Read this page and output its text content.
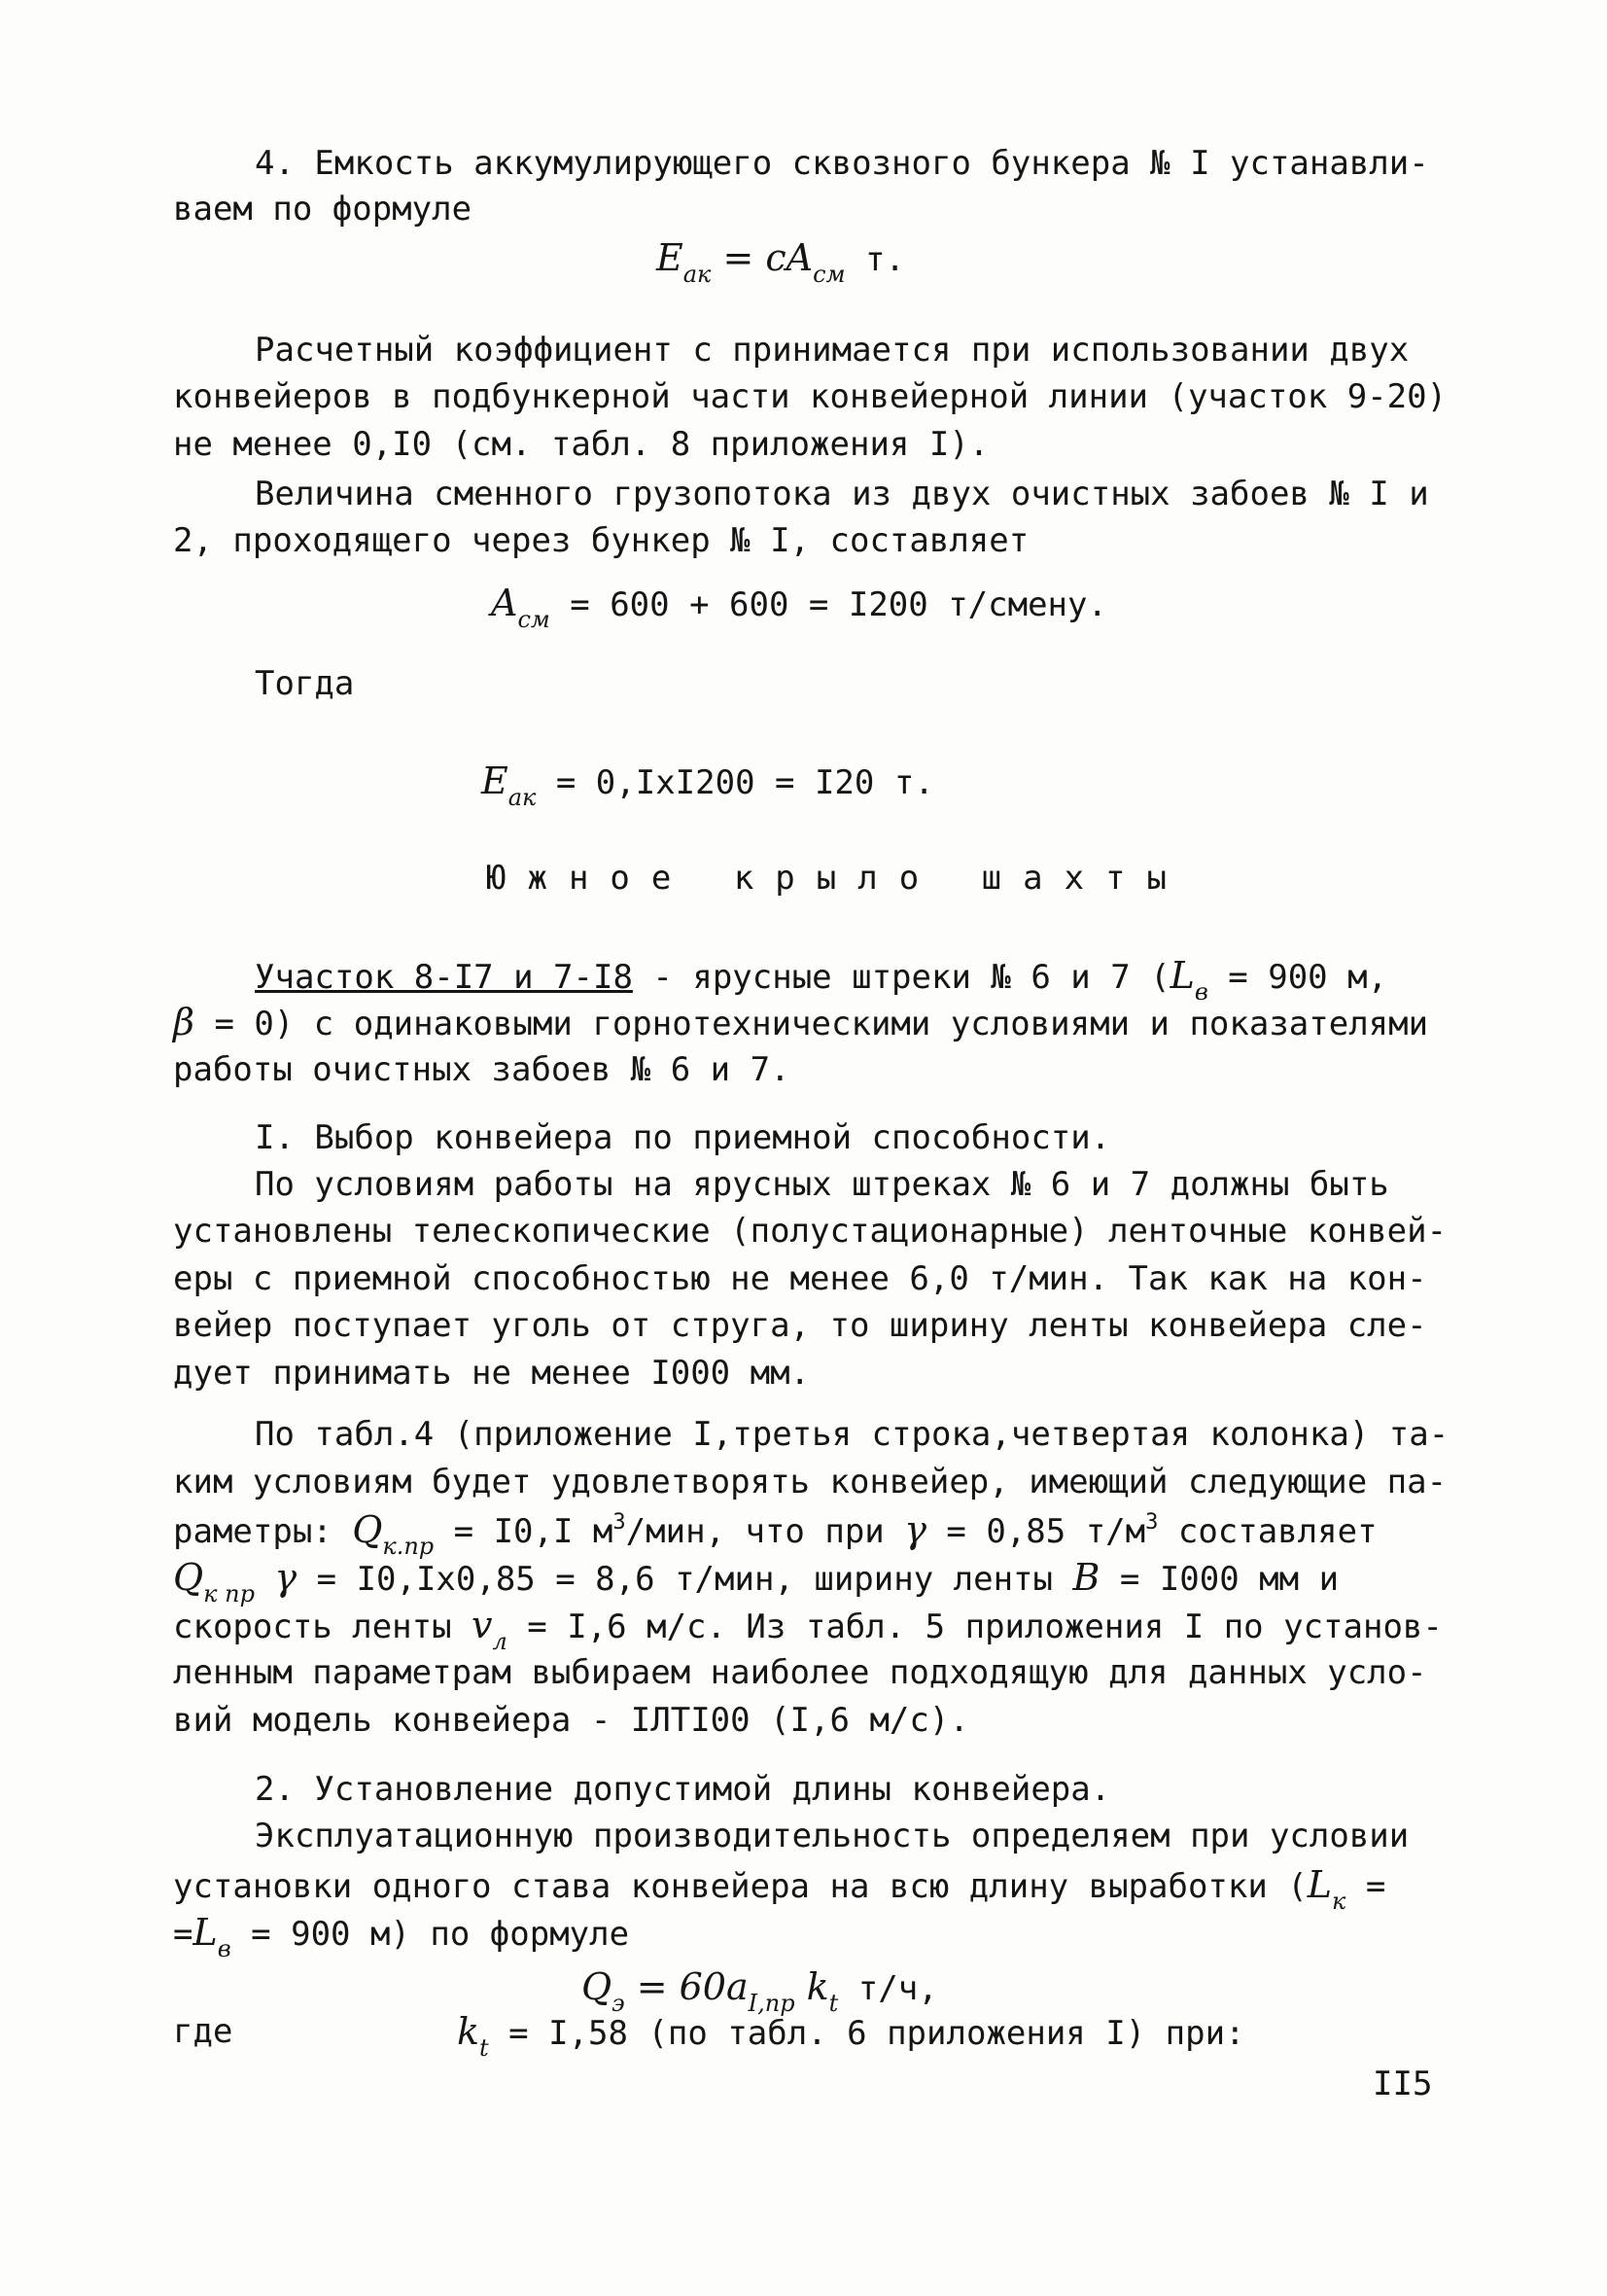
4. Емкость аккумулирующего сквозного бункера № I устанавли-
ваем по формуле
$E_{ак} = cA_{см}$ т.
Расчетный коэффициент c принимается при использовании двух
конвейеров в подбункерной части конвейерной линии (участок 9-20)
не менее 0,I0 (см. табл. 8 приложения I).
Величина сменного грузопотока из двух очистных забоев № I и
2, проходящего через бункер № I, составляет
$A_{см} = 600 + 600 = I200$ т/смену.
Тогда
$E_{ак} = 0,IxI200 = I20$ т.
Южное крыло шахты
Участок 8-I7 и 7-I8 - ярусные штреки № 6 и 7 ($L_в = 900$ м,
β = 0) с одинаковыми горнотехническими условиями и показателями
работы очистных забоев № 6 и 7.
I. Выбор конвейера по приемной способности.
По условиям работы на ярусных штреках № 6 и 7 должны быть
установлены телескопические (полустационарные) ленточные конвей-
еры с приемной способностью не менее 6,0 т/мин. Так как на кон-
вейер поступает уголь от струга, то ширину ленты конвейера сле-
дует принимать не менее I000 мм.
По табл.4 (приложение I,третья строка,четвертая колонка) та-
ким условиям будет удовлетворять конвейер, имеющий следующие па-
раметры: $Q_{к.пр} = I0,I$ $м^3$/мин, что при γ = 0,85 $т/м^3$ составляет
$Q_{к пр}$ γ = I0,Ix0,85 = 8,6 т/мин, ширину ленты B = I000 мм и
скорость ленты $v_л = I,6$ м/с. Из табл. 5 приложения I по установ-
ленным параметрам выбираем наиболее подходящую для данных усло-
вий модель конвейера - IЛТI00 (I,6 м/с).
2. Установление допустимой длины конвейера.
Эксплуатационную производительность определяем при условии
установки одного става конвейера на всю длину выработки ($L_к$ =
$=L_в = 900$ м) по формуле
$Q_э = 60a_{I,пр}$ $k_t$ т/ч,
где	$k_t = I,58$ (по табл. 6 приложения I) при:
II5
